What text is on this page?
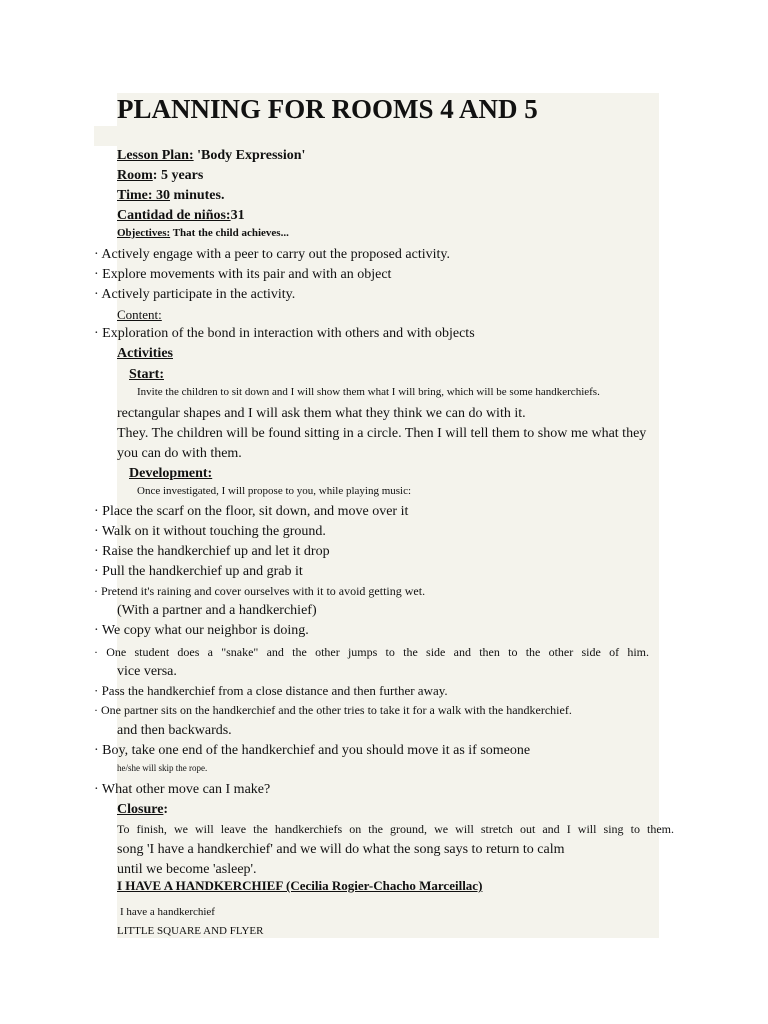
PLANNING FOR ROOMS 4 AND 5
Lesson Plan: 'Body Expression'
Room: 5 years
Time: 30 minutes.
Cantidad de niños:31
Objectives: That the child achieves...
· Actively engage with a peer to carry out the proposed activity.
· Explore movements with its pair and with an object
· Actively participate in the activity.
Content:
· Exploration of the bond in interaction with others and with objects
Activities
Start:
Invite the children to sit down and I will show them what I will bring, which will be some handkerchiefs.
rectangular shapes and I will ask them what they think we can do with it.
They. The children will be found sitting in a circle. Then I will tell them to show me what they
you can do with them.
Development:
Once investigated, I will propose to you, while playing music:
· Place the scarf on the floor, sit down, and move over it
· Walk on it without touching the ground.
· Raise the handkerchief up and let it drop
· Pull the handkerchief up and grab it
· Pretend it's raining and cover ourselves with it to avoid getting wet.
(With a partner and a handkerchief)
· We copy what our neighbor is doing.
· One student does a "snake" and the other jumps to the side and then to the other side of him.
vice versa.
· Pass the handkerchief from a close distance and then further away.
· One partner sits on the handkerchief and the other tries to take it for a walk with the handkerchief.
and then backwards.
· Boy, take one end of the handkerchief and you should move it as if someone
he/she will skip the rope.
· What other move can I make?
Closure:
To finish, we will leave the handkerchiefs on the ground, we will stretch out and I will sing to them.
song 'I have a handkerchief' and we will do what the song says to return to calm
until we become 'asleep'.
I HAVE A HANDKERCHIEF (Cecilia Rogier-Chacho Marceillac)
I have a handkerchief
LITTLE SQUARE AND FLYER
